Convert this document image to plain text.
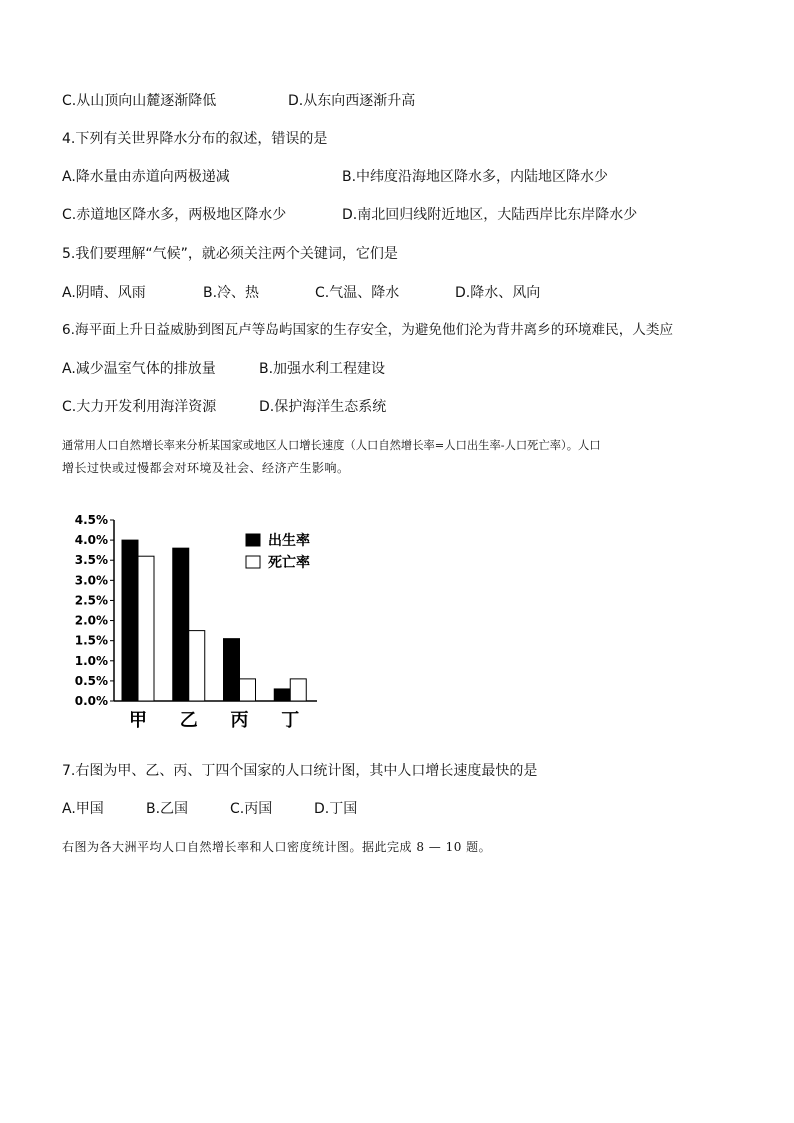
C.从山顶向山麓逐渐降低	D.从东向西逐渐升高
4.下列有关世界降水分布的叙述，错误的是
A.降水量由赤道向两极递减	B.中纬度沿海地区降水多，内陆地区降水少
C.赤道地区降水多，两极地区降水少	D.南北回归线附近地区，大陆西岸比东岸降水少
5.我们要理解“气候”，就必须关注两个关键词，它们是
A.阴晴、风雨	B.冷、热	C.气温、降水	D.降水、风向
6.海平面上升日益威胁到图瓦卢等岛屿国家的生存安全，为避免他们沦为背井离乡的环境难民，人类应
A.减少温室气体的排放量	B.加强水利工程建设
C.大力开发利用海洋资源	D.保护海洋生态系统
通常用人口自然增长率来分析某国家或地区人口增长速度（人口自然增长率=人口出生率-人口死亡率）。人口
增长过快或过慢都会对环境及社会、经济产生影响。
0.0%
0.5%
1.0%
1.5%
2.0%
2.5%
3.0%
3.5%
4.0%
4.5%
甲 乙 丙 丁
出生率
死亡率
7.右图为甲、乙、丙、丁四个国家的人口统计图，其中人口增长速度最快的是
A.甲国	B.乙国	C.丙国	D.丁国
右图为各大洲平均人口自然增长率和人口密度统计图。据此完成 8 — 10 题。
